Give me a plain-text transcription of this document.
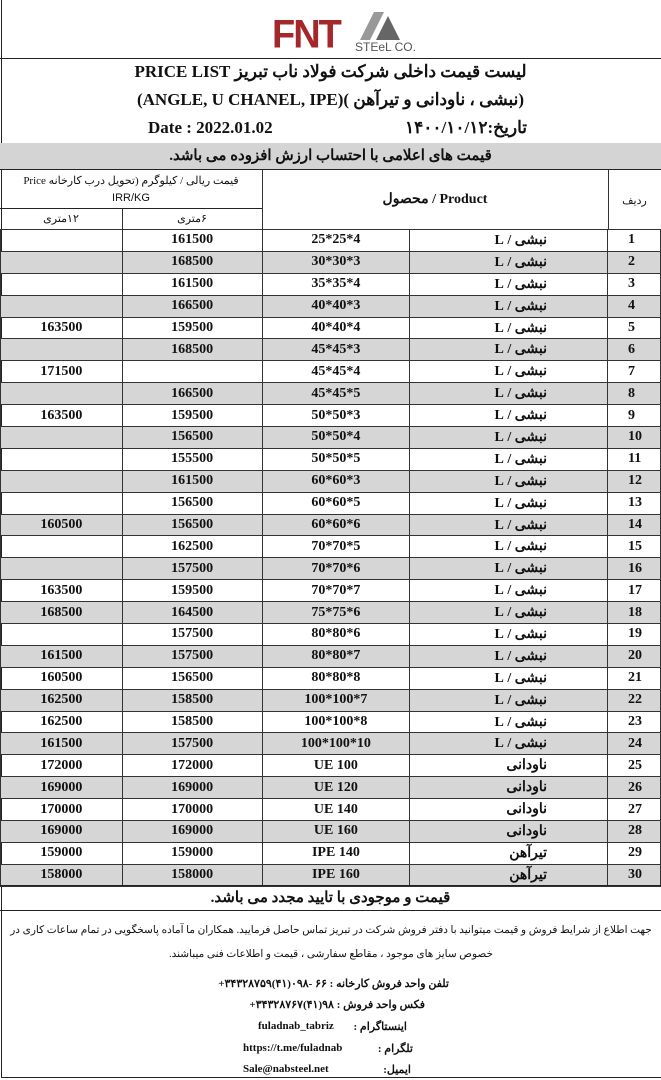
FNT STEeL CO.
لیست قیمت داخلی شرکت فولاد ناب تبریز PRICE LIST
(نبشی ، ناودانی و تیرآهن )(ANGLE, U CHANEL, IPE)
Date : 2022.01.02	تاریخ:۱۴۰۰/۱۰/۱۲
قیمت های اعلامی با احتساب ارزش افزوده می باشد.
قیمت ریالی / کیلوگرم (تحویل درب کارخانه Price
IRR/KG
۱۲متری	۶متری
Product / محصول	ردیف
	161500	25*25*4	نبشی / L	1
	168500	30*30*3	نبشی / L	2
	161500	35*35*4	نبشی / L	3
	166500	40*40*3	نبشی / L	4
163500	159500	40*40*4	نبشی / L	5
	168500	45*45*3	نبشی / L	6
171500		45*45*4	نبشی / L	7
	166500	45*45*5	نبشی / L	8
163500	159500	50*50*3	نبشی / L	9
	156500	50*50*4	نبشی / L	10
	155500	50*50*5	نبشی / L	11
	161500	60*60*3	نبشی / L	12
	156500	60*60*5	نبشی / L	13
160500	156500	60*60*6	نبشی / L	14
	162500	70*70*5	نبشی / L	15
	157500	70*70*6	نبشی / L	16
163500	159500	70*70*7	نبشی / L	17
168500	164500	75*75*6	نبشی / L	18
	157500	80*80*6	نبشی / L	19
161500	157500	80*80*7	نبشی / L	20
160500	156500	80*80*8	نبشی / L	21
162500	158500	100*100*7	نبشی / L	22
162500	158500	100*100*8	نبشی / L	23
161500	157500	100*100*10	نبشی / L	24
172000	172000	UE 100	ناودانی	25
169000	169000	UE 120	ناودانی	26
170000	170000	UE 140	ناودانی	27
169000	169000	UE 160	ناودانی	28
159000	159000	IPE 140	تیرآهن	29
158000	158000	IPE 160	تیرآهن	30
قیمت و موجودی با تایید مجدد می باشد.
جهت اطلاع از شرایط فروش و قیمت میتوانید با دفتر فروش شرکت در تبریز تماس حاصل فرمایید. همکاران ما آماده پاسخگویی در تمام ساعات کاری در
خصوص سایز های موجود ، مقاطع سفارشی ، قیمت و اطلاعات فنی میباشند.
تلفن واحد فروش کارخانه : ۶۶ -۰۹۸(۴۱)۳۴۳۲۸۷۵۹+
فکس واحد فروش : ۹۸(۴۱)۳۴۳۲۸۷۶۷+
اینستاگرام :
fuladnab_tabriz
تلگرام :
https://t.me/fuladnab
ایمیل:
Sale@nabsteel.net
